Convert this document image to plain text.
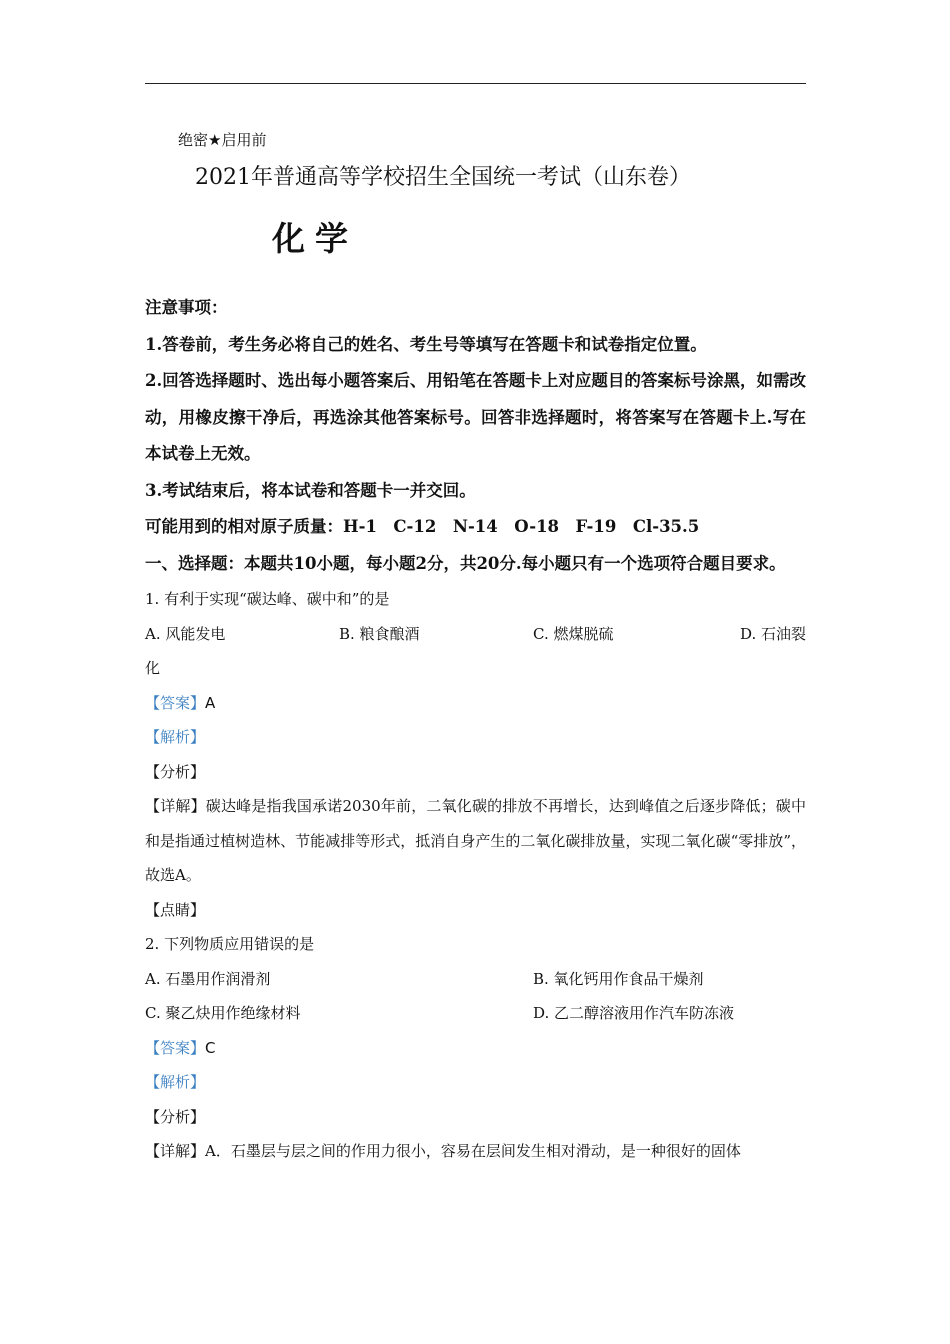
绝密★启用前
2021年普通高等学校招生全国统一考试（山东卷）
化学
注意事项：
1.答卷前，考生务必将自己的姓名、考生号等填写在答题卡和试卷指定位置。
2.回答选择题时、选出每小题答案后、用铅笔在答题卡上对应题目的答案标号涂黑，如需改动，用橡皮擦干净后，再选涂其他答案标号。回答非选择题时，将答案写在答题卡上.写在本试卷上无效。
3.考试结束后，将本试卷和答题卡一并交回。
可能用到的相对原子质量：H-1　C-12　N-14　O-18　F-19　Cl-35.5
一、选择题：本题共10小题，每小题2分，共20分.每小题只有一个选项符合题目要求。
1. 有利于实现“碳达峰、碳中和”的是
A. 风能发电	B. 粮食酿酒	C. 燃煤脱硫	D. 石油裂
化
【答案】A
【解析】
【分析】
【详解】碳达峰是指我国承诺2030年前，二氧化碳的排放不再增长，达到峰值之后逐步降低；碳中和是指通过植树造林、节能减排等形式，抵消自身产生的二氧化碳排放量，实现二氧化碳“零排放”，故选A。
【点睛】
2. 下列物质应用错误的是
A. 石墨用作润滑剂	B. 氧化钙用作食品干燥剂
C. 聚乙炔用作绝缘材料	D. 乙二醇溶液用作汽车防冻液
【答案】C
【解析】
【分析】
【详解】A．石墨层与层之间的作用力很小，容易在层间发生相对滑动，是一种很好的固体
